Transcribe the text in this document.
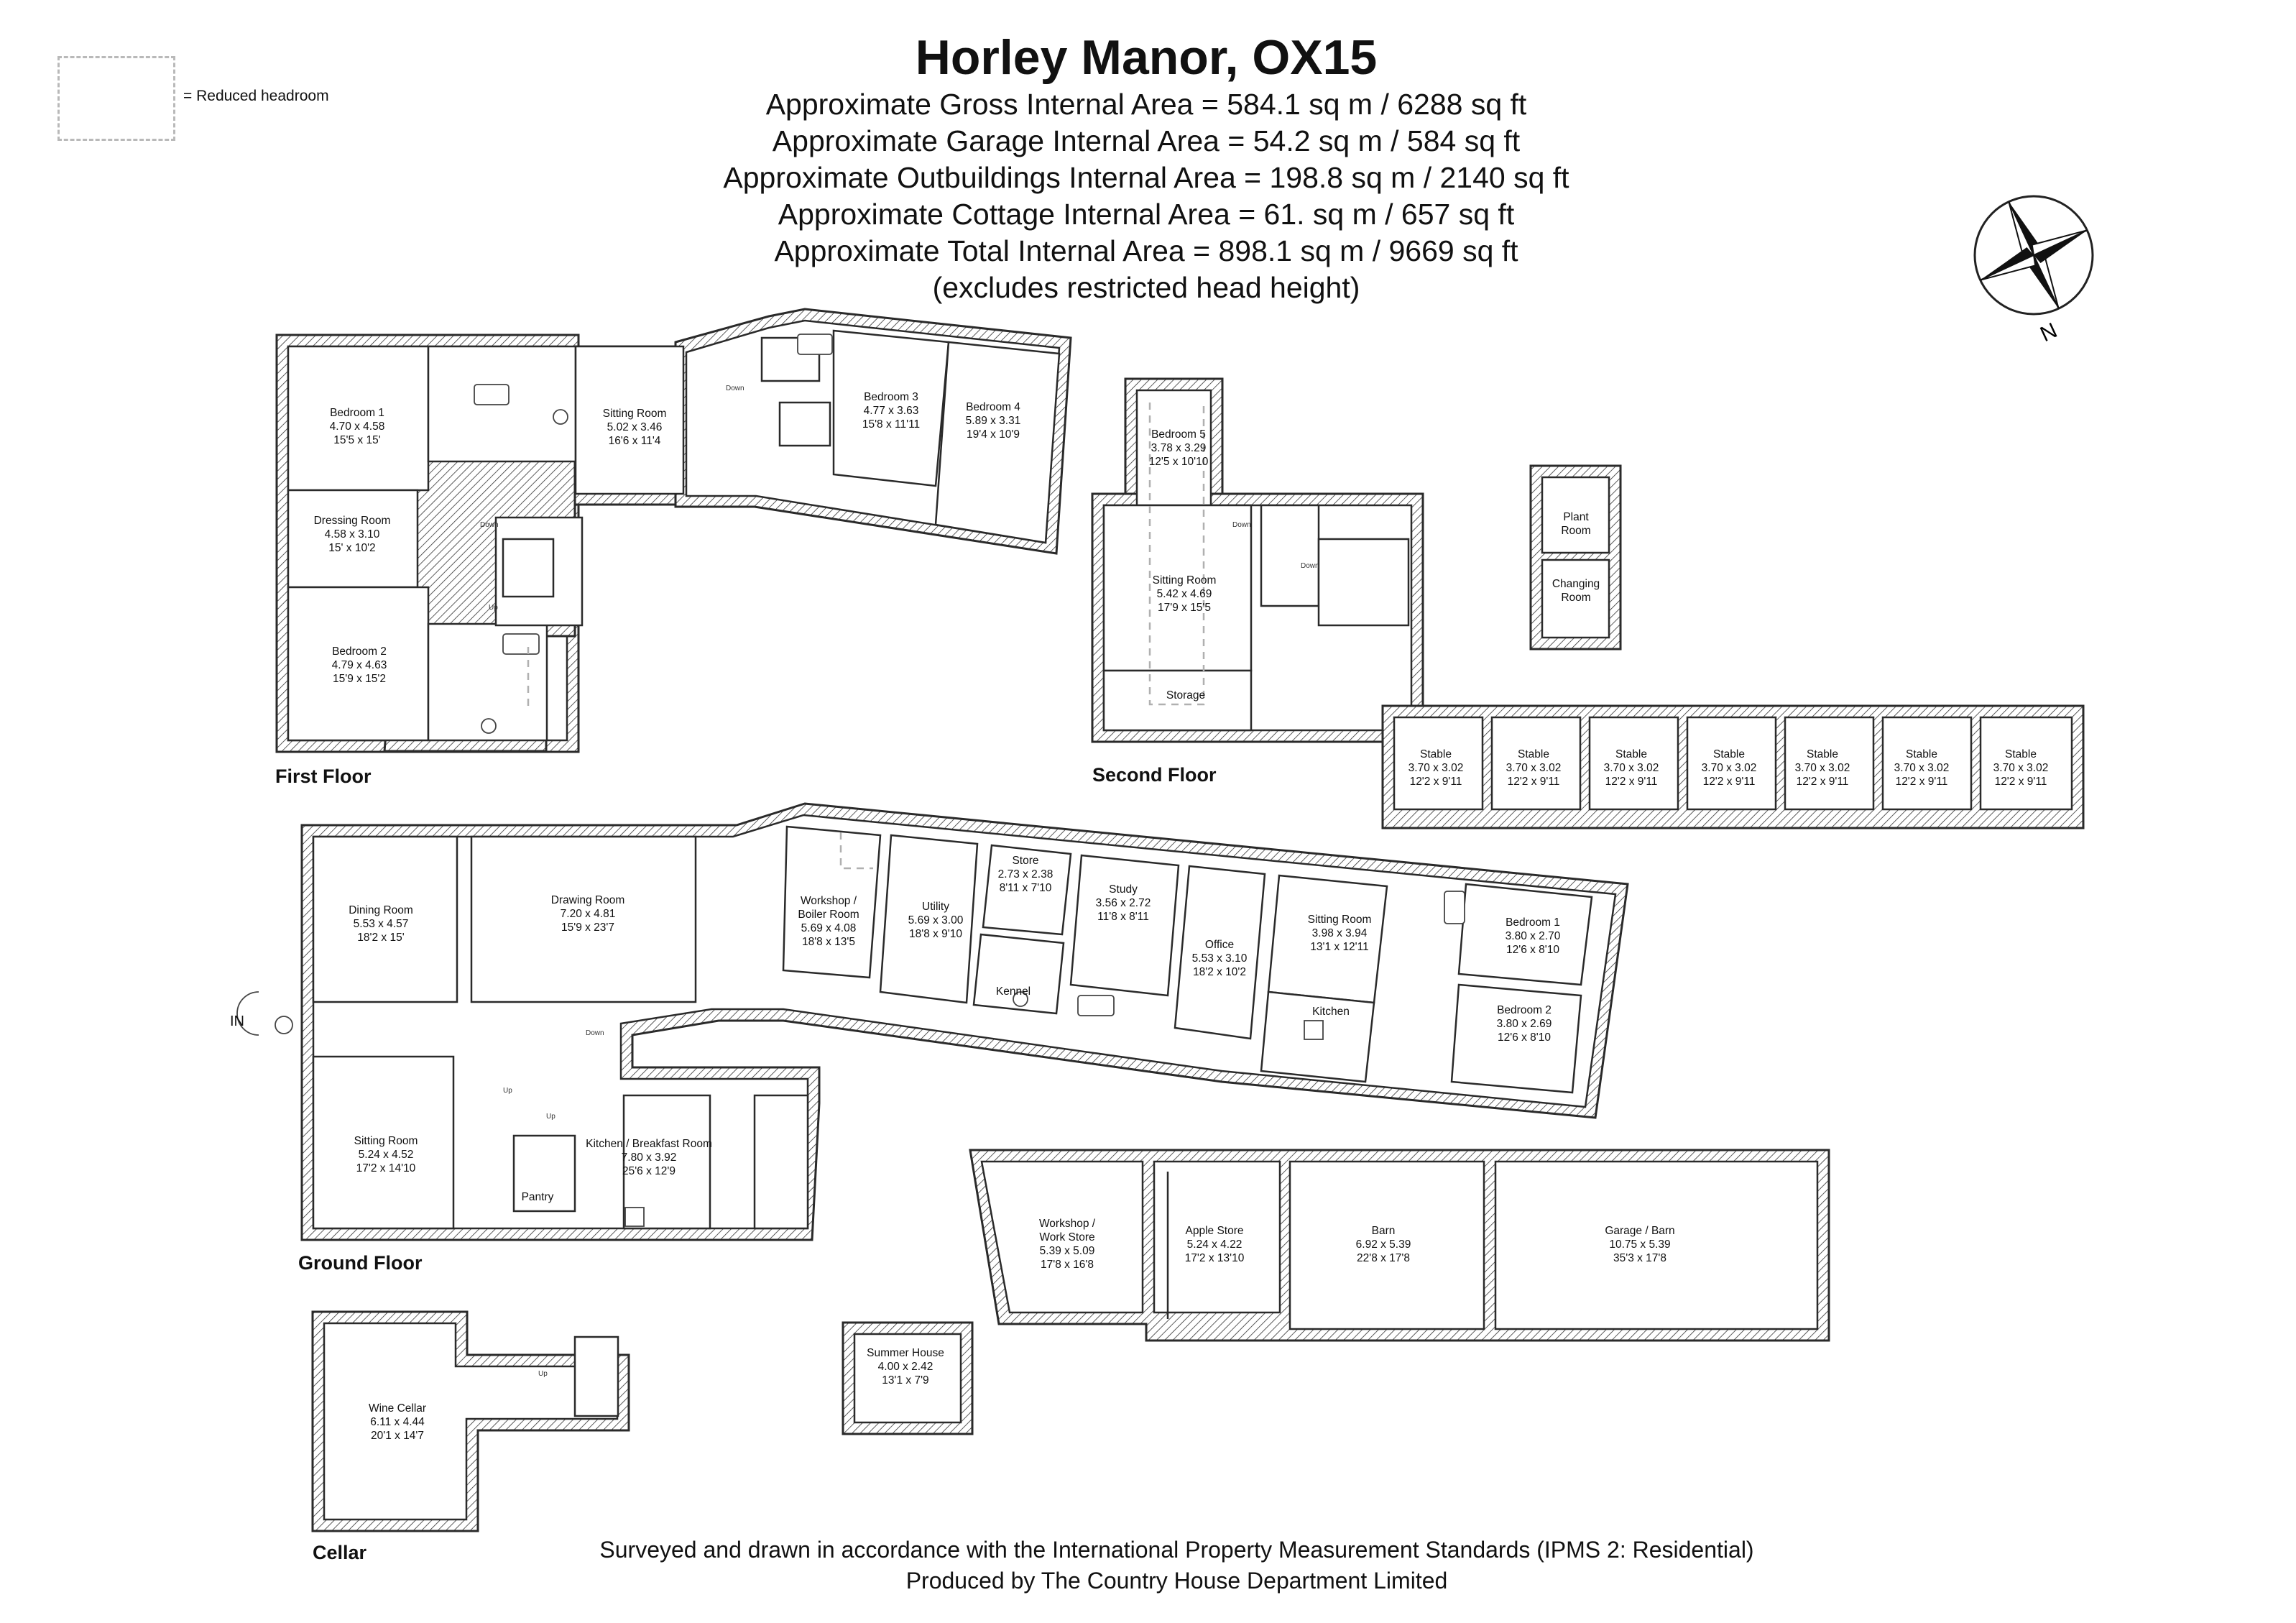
Horley Manor, OX15
Approximate Gross Internal Area = 584.1 sq m / 6288 sq ft
Approximate Garage Internal Area = 54.2 sq m / 584 sq ft
Approximate Outbuildings Internal Area = 198.8 sq m / 2140 sq ft
Approximate Cottage Internal Area = 61. sq m / 657 sq ft
Approximate Total Internal Area = 898.1 sq m / 9669 sq ft
(excludes restricted head height)
= Reduced headroom
N
First Floor	Second Floor
Ground Floor
Cellar
IN
Down
Down
Down
Down
Down
Up
Up
Up
Up
Bedroom 1
4.70 x 4.58
15'5 x 15'
Dressing Room
4.58 x 3.10
15' x 10'2
Bedroom 2
4.79 x 4.63
15'9 x 15'2
Sitting Room
5.02 x 3.46
16'6 x 11'4
Bedroom 3
4.77 x 3.63
15'8 x 11'11
Bedroom 4
5.89 x 3.31
19'4 x 10'9	Bedroom 5
3.78 x 3.29
12'5 x 10'10
Sitting Room
5.42 x 4.69
17'9 x 15'5
Storage
Plant
Room
Changing
Room
Stable
3.70 x 3.02
12'2 x 9'11
Stable
3.70 x 3.02
12'2 x 9'11
Stable
3.70 x 3.02
12'2 x 9'11
Stable
3.70 x 3.02
12'2 x 9'11
Stable
3.70 x 3.02
12'2 x 9'11
Stable
3.70 x 3.02
12'2 x 9'11
Stable
3.70 x 3.02
12'2 x 9'11
Dining Room
5.53 x 4.57
18'2 x 15'
Drawing Room
7.20 x 4.81
15'9 x 23'7
Sitting Room
5.24 x 4.52
17'2 x 14'10
Kitchen / Breakfast Room
7.80 x 3.92
25'6 x 12'9
Pantry
Workshop /
Boiler Room
5.69 x 4.08
18'8 x 13'5
Utility
5.69 x 3.00
18'8 x 9'10
Store
2.73 x 2.38
8'11 x 7'10	Study
3.56 x 2.72
11'8 x 8'11
Kennel
Office
5.53 x 3.10
18'2 x 10'2
Sitting Room
3.98 x 3.94
13'1 x 12'11
Kitchen
Bedroom 1
3.80 x 2.70
12'6 x 8'10
Bedroom 2
3.80 x 2.69
12'6 x 8'10
Workshop /
Work Store
5.39 x 5.09
17'8 x 16'8
Apple Store
5.24 x 4.22
17'2 x 13'10
Barn
6.92 x 5.39
22'8 x 17'8
Garage / Barn
10.75 x 5.39
35'3 x 17'8
Summer House
4.00 x 2.42
13'1 x 7'9
Wine Cellar
6.11 x 4.44
20'1 x 14'7
Surveyed and drawn in accordance with the International Property Measurement Standards (IPMS 2: Residential)
Produced by The Country House Department Limited
